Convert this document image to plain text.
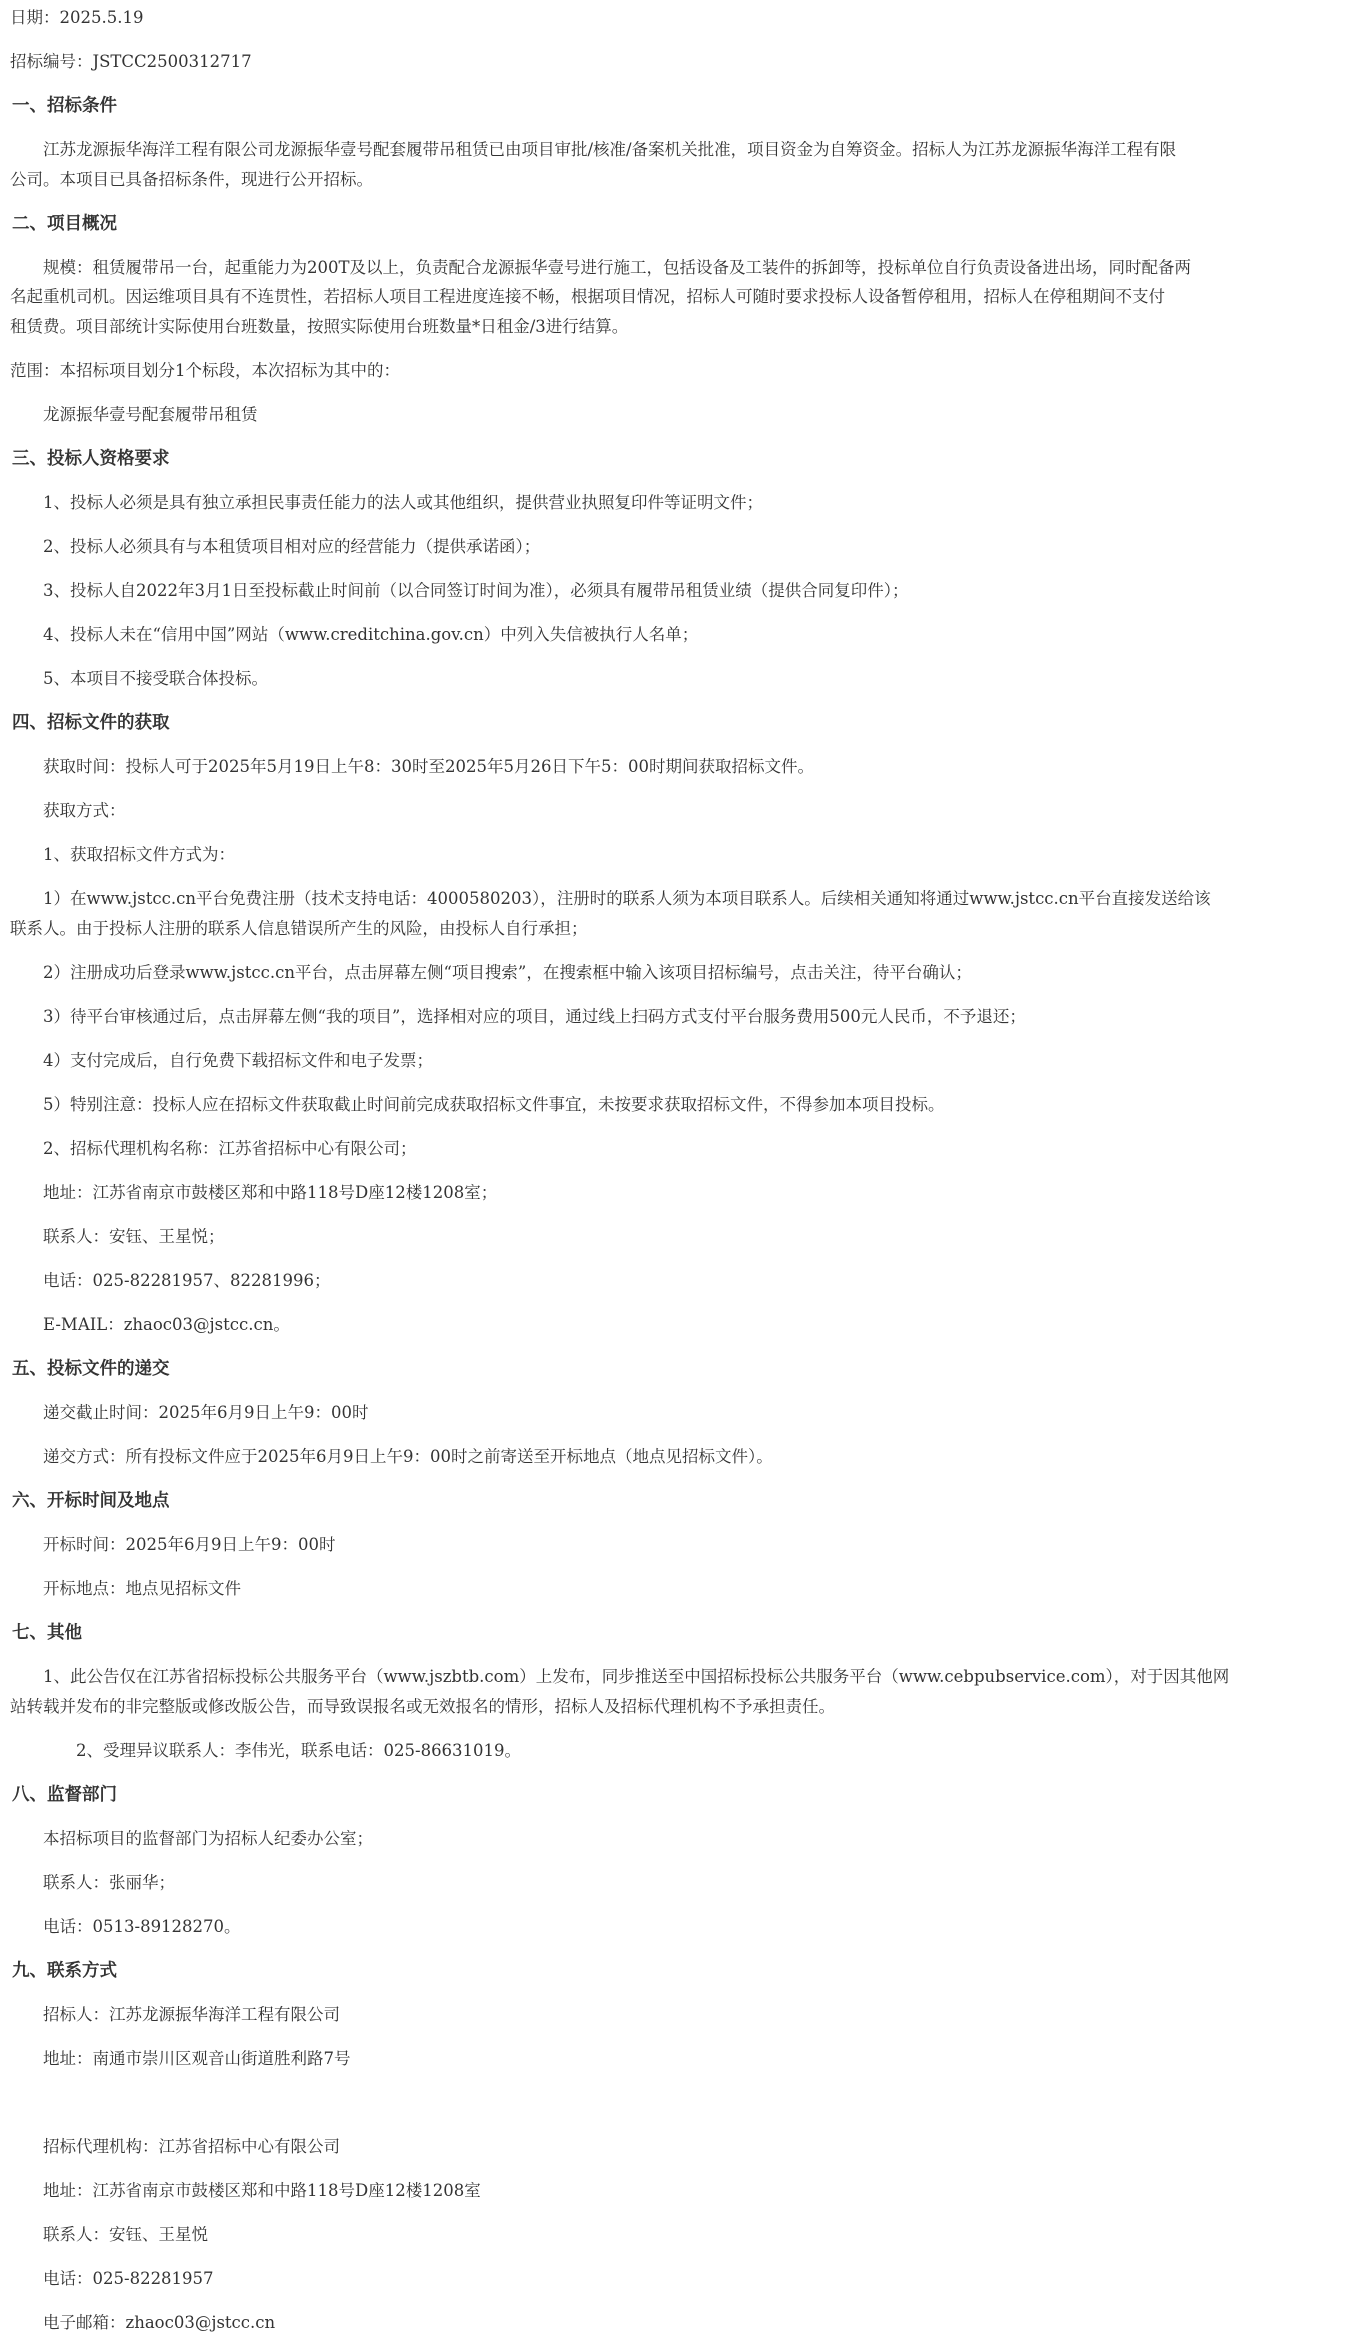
日期：2025.5.19
招标编号：JSTCC2500312717
一、招标条件
　　江苏龙源振华海洋工程有限公司龙源振华壹号配套履带吊租赁已由项目审批/核准/备案机关批准，项目资金为自筹资金。招标人为江苏龙源振华海洋工程有限
公司。本项目已具备招标条件，现进行公开招标。
二、项目概况
　　规模：租赁履带吊一台，起重能力为200T及以上，负责配合龙源振华壹号进行施工，包括设备及工装件的拆卸等，投标单位自行负责设备进出场，同时配备两
名起重机司机。因运维项目具有不连贯性，若招标人项目工程进度连接不畅，根据项目情况，招标人可随时要求投标人设备暂停租用，招标人在停租期间不支付
租赁费。项目部统计实际使用台班数量，按照实际使用台班数量*日租金/3进行结算。
范围：本招标项目划分1个标段，本次招标为其中的：
　　龙源振华壹号配套履带吊租赁
三、投标人资格要求
　　1、投标人必须是具有独立承担民事责任能力的法人或其他组织，提供营业执照复印件等证明文件；
　　2、投标人必须具有与本租赁项目相对应的经营能力（提供承诺函）；
　　3、投标人自2022年3月1日至投标截止时间前（以合同签订时间为准），必须具有履带吊租赁业绩（提供合同复印件）；
　　4、投标人未在“信用中国”网站（www.creditchina.gov.cn）中列入失信被执行人名单；
　　5、本项目不接受联合体投标。
四、招标文件的获取
　　获取时间：投标人可于2025年5月19日上午8：30时至2025年5月26日下午5：00时期间获取招标文件。
　　获取方式：
　　1、获取招标文件方式为：
　　1）在www.jstcc.cn平台免费注册（技术支持电话：4000580203），注册时的联系人须为本项目联系人。后续相关通知将通过www.jstcc.cn平台直接发送给该
联系人。由于投标人注册的联系人信息错误所产生的风险，由投标人自行承担；
　　2）注册成功后登录www.jstcc.cn平台，点击屏幕左侧“项目搜索”，在搜索框中输入该项目招标编号，点击关注，待平台确认；
　　3）待平台审核通过后，点击屏幕左侧“我的项目”，选择相对应的项目，通过线上扫码方式支付平台服务费用500元人民币，不予退还；
　　4）支付完成后，自行免费下载招标文件和电子发票；
　　5）特别注意：投标人应在招标文件获取截止时间前完成获取招标文件事宜，未按要求获取招标文件，不得参加本项目投标。
　　2、招标代理机构名称：江苏省招标中心有限公司；
　　地址：江苏省南京市鼓楼区郑和中路118号D座12楼1208室；
　　联系人：安钰、王星悦；
　　电话：025-82281957、82281996；
　　E-MAIL：zhaoc03@jstcc.cn。
五、投标文件的递交
　　递交截止时间：2025年6月9日上午9：00时
　　递交方式：所有投标文件应于2025年6月9日上午9：00时之前寄送至开标地点（地点见招标文件）。
六、开标时间及地点
　　开标时间：2025年6月9日上午9：00时
　　开标地点：地点见招标文件
七、其他
　　1、此公告仅在江苏省招标投标公共服务平台（www.jszbtb.com）上发布，同步推送至中国招标投标公共服务平台（www.cebpubservice.com），对于因其他网
站转载并发布的非完整版或修改版公告，而导致误报名或无效报名的情形，招标人及招标代理机构不予承担责任。
　　　　2、受理异议联系人：李伟光，联系电话：025-86631019。
八、监督部门
　　本招标项目的监督部门为招标人纪委办公室；
　　联系人：张丽华；
　　电话：0513-89128270。
九、联系方式
　　招标人：江苏龙源振华海洋工程有限公司
　　地址：南通市崇川区观音山街道胜利路7号
　　招标代理机构：江苏省招标中心有限公司
　　地址：江苏省南京市鼓楼区郑和中路118号D座12楼1208室
　　联系人：安钰、王星悦
　　电话：025-82281957
　　电子邮箱：zhaoc03@jstcc.cn
